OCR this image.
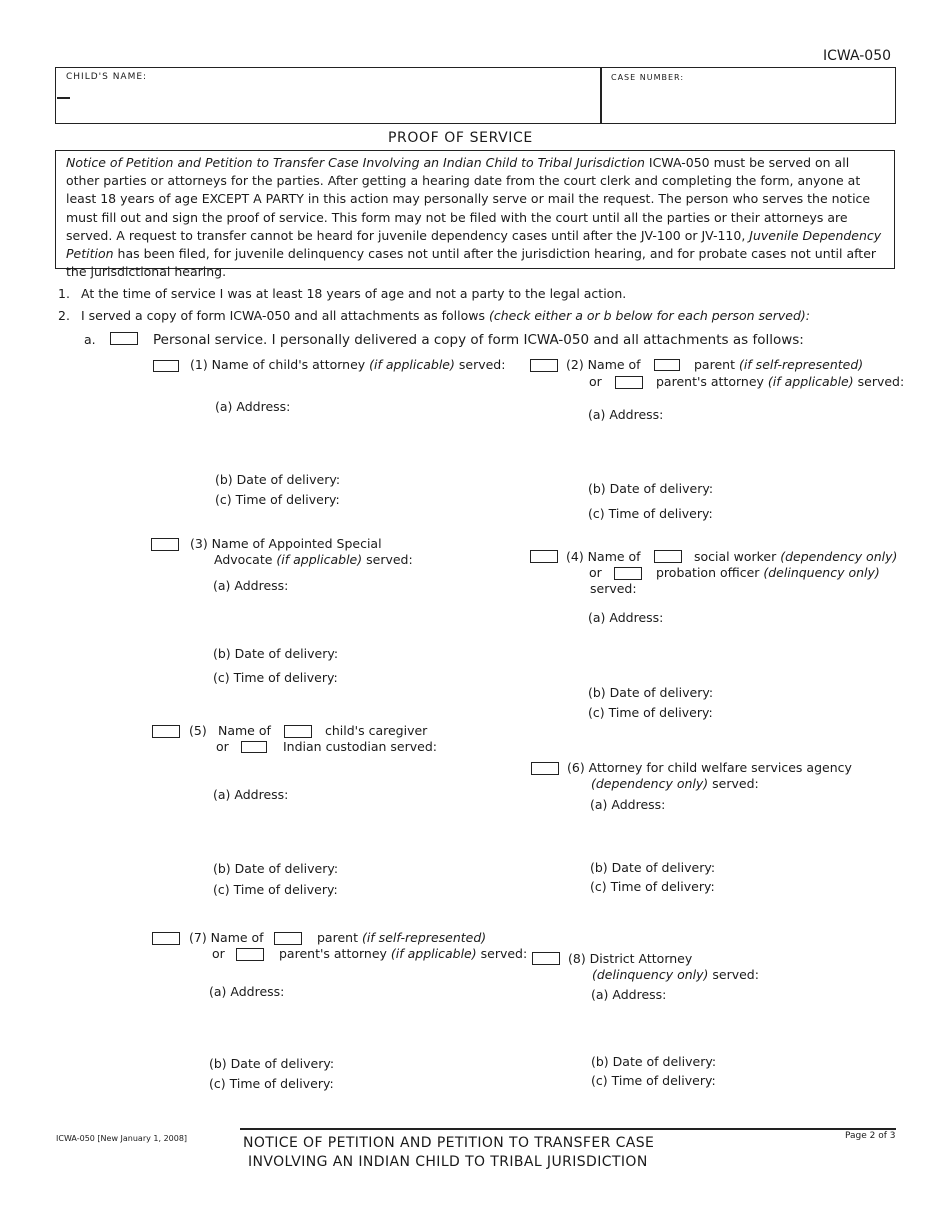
ICWA-050
CHILD'S NAME:	CASE NUMBER:
PROOF OF SERVICE
Notice of Petition and Petition to Transfer Case Involving an Indian Child to Tribal Jurisdiction ICWA-050 must be served on all other parties or attorneys for the parties. After getting a hearing date from the court clerk and completing the form, anyone at least 18 years of age EXCEPT A PARTY in this action may personally serve or mail the request. The person who serves the notice must fill out and sign the proof of service. This form may not be filed with the court until all the parties or their attorneys are served. A request to transfer cannot be heard for juvenile dependency cases until after the JV-100 or JV-110, Juvenile Dependency Petition has been filed, for juvenile delinquency cases not until after the jurisdiction hearing, and for probate cases not until after the jurisdictional hearing.
1. At the time of service I was at least 18 years of age and not a party to the legal action.
2. I served a copy of form ICWA-050 and all attachments as follows (check either a or b below for each person served):
a.	Personal service. I personally delivered a copy of form ICWA-050 and all attachments as follows:
(1) Name of child's attorney (if applicable) served:
(a) Address:
(b) Date of delivery:
(c) Time of delivery:
(2) Name of	parent (if self-represented)
or	parent's attorney (if applicable) served:
(a) Address:
(b) Date of delivery:
(c) Time of delivery:
(3) Name of Appointed Special
Advocate (if applicable) served:
(a) Address:
(b) Date of delivery:
(c) Time of delivery:
(4) Name of	social worker (dependency only)
or	probation officer (delinquency only)
served:
(a) Address:
(b) Date of delivery:
(c) Time of delivery:
(5) Name of	child's caregiver
or	Indian custodian served:
(a) Address:
(b) Date of delivery:
(c) Time of delivery:
(6) Attorney for child welfare services agency
(dependency only) served:
(a) Address:
(b) Date of delivery:
(c) Time of delivery:
(7) Name of	parent (if self-represented)
or	parent's attorney (if applicable) served:
(a) Address:
(b) Date of delivery:
(c) Time of delivery:
(8) District Attorney
(delinquency only) served:
(a) Address:
(b) Date of delivery:
(c) Time of delivery:
ICWA-050 [New January 1, 2008]	Page 2 of 3
NOTICE OF PETITION AND PETITION TO TRANSFER CASE
INVOLVING AN INDIAN CHILD TO TRIBAL JURISDICTION
